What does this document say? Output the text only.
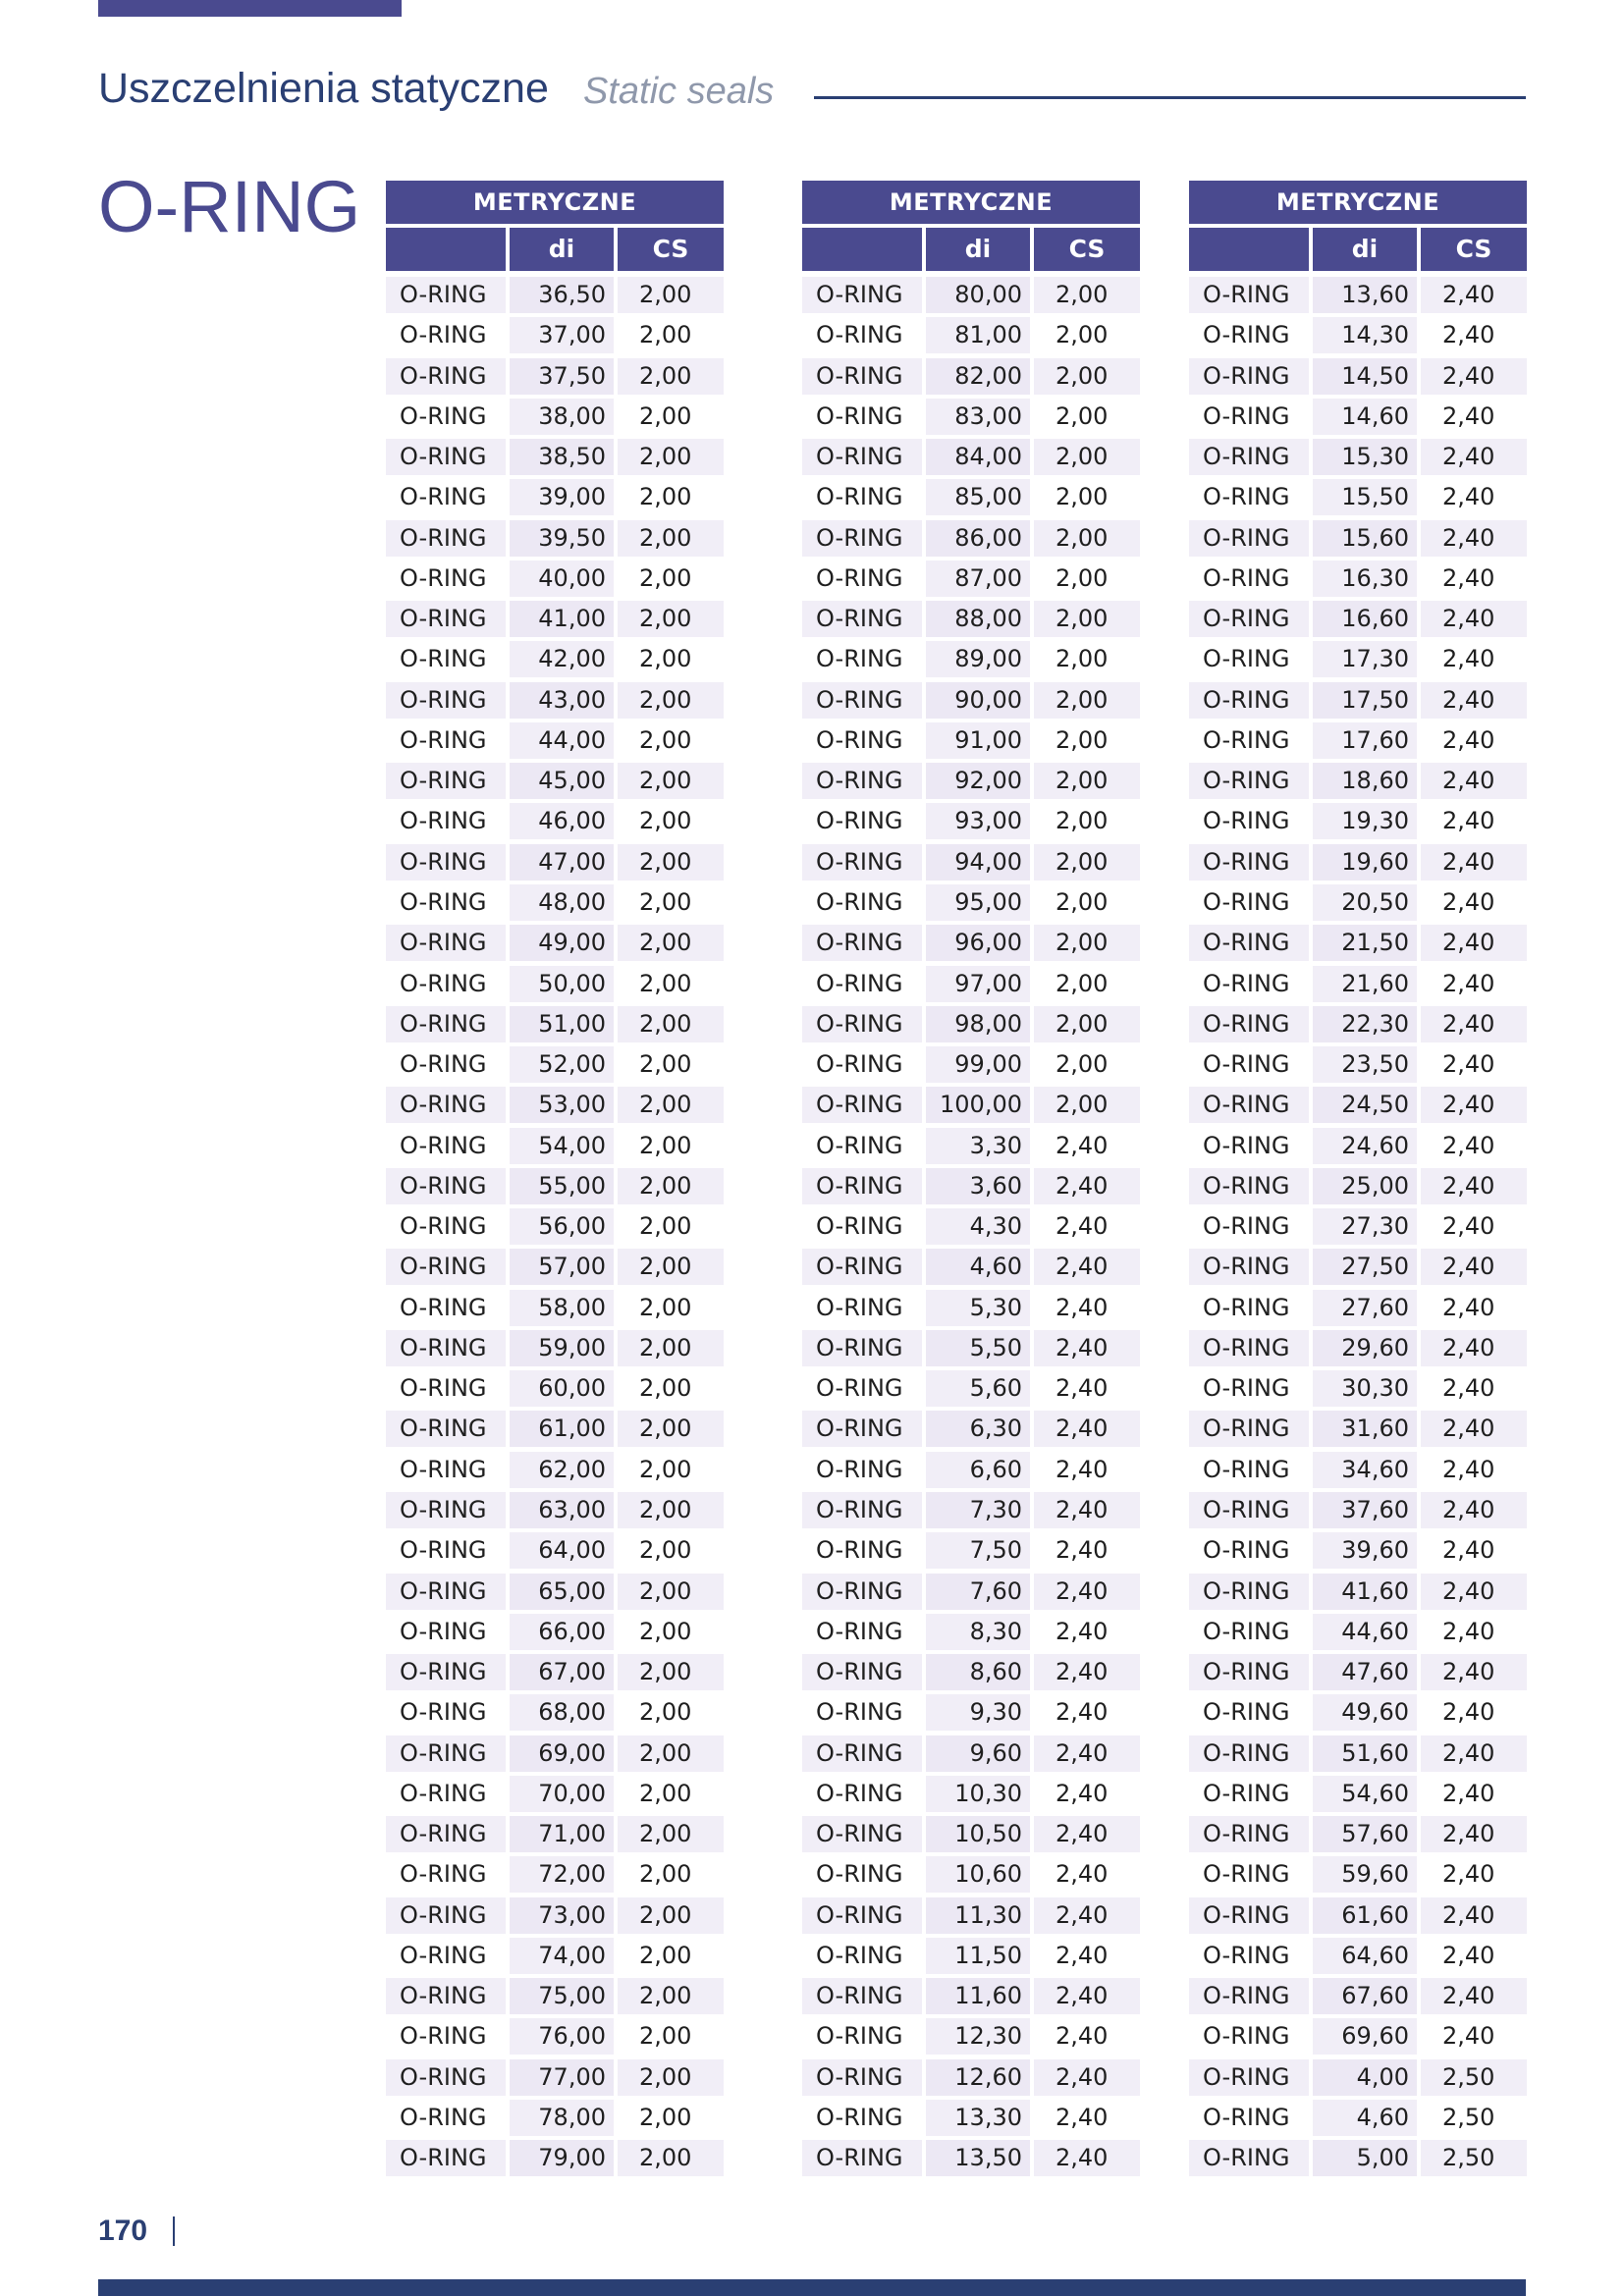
Uszczelnienia statyczne Static seals
O-RING	METRYCZNE
di	CS
O-RING	36,50	2,00
O-RING	37,00	2,00
O-RING	37,50	2,00
O-RING	38,00	2,00
O-RING	38,50	2,00
O-RING	39,00	2,00
O-RING	39,50	2,00
O-RING	40,00	2,00
O-RING	41,00	2,00
O-RING	42,00	2,00
O-RING	43,00	2,00
O-RING	44,00	2,00
O-RING	45,00	2,00
O-RING	46,00	2,00
O-RING	47,00	2,00
O-RING	48,00	2,00
O-RING	49,00	2,00
O-RING	50,00	2,00
O-RING	51,00	2,00
O-RING	52,00	2,00
O-RING	53,00	2,00
O-RING	54,00	2,00
O-RING	55,00	2,00
O-RING	56,00	2,00
O-RING	57,00	2,00
O-RING	58,00	2,00
O-RING	59,00	2,00
O-RING	60,00	2,00
O-RING	61,00	2,00
O-RING	62,00	2,00
O-RING	63,00	2,00
O-RING	64,00	2,00
O-RING	65,00	2,00
O-RING	66,00	2,00
O-RING	67,00	2,00
O-RING	68,00	2,00
O-RING	69,00	2,00
O-RING	70,00	2,00
O-RING	71,00	2,00
O-RING	72,00	2,00
O-RING	73,00	2,00
O-RING	74,00	2,00
O-RING	75,00	2,00
O-RING	76,00	2,00
O-RING	77,00	2,00
O-RING	78,00	2,00
O-RING	79,00	2,00
METRYCZNE
di	CS
O-RING	80,00	2,00
O-RING	81,00	2,00
O-RING	82,00	2,00
O-RING	83,00	2,00
O-RING	84,00	2,00
O-RING	85,00	2,00
O-RING	86,00	2,00
O-RING	87,00	2,00
O-RING	88,00	2,00
O-RING	89,00	2,00
O-RING	90,00	2,00
O-RING	91,00	2,00
O-RING	92,00	2,00
O-RING	93,00	2,00
O-RING	94,00	2,00
O-RING	95,00	2,00
O-RING	96,00	2,00
O-RING	97,00	2,00
O-RING	98,00	2,00
O-RING	99,00	2,00
O-RING	100,00	2,00
O-RING	3,30	2,40
O-RING	3,60	2,40
O-RING	4,30	2,40
O-RING	4,60	2,40
O-RING	5,30	2,40
O-RING	5,50	2,40
O-RING	5,60	2,40
O-RING	6,30	2,40
O-RING	6,60	2,40
O-RING	7,30	2,40
O-RING	7,50	2,40
O-RING	7,60	2,40
O-RING	8,30	2,40
O-RING	8,60	2,40
O-RING	9,30	2,40
O-RING	9,60	2,40
O-RING	10,30	2,40
O-RING	10,50	2,40
O-RING	10,60	2,40
O-RING	11,30	2,40
O-RING	11,50	2,40
O-RING	11,60	2,40
O-RING	12,30	2,40
O-RING	12,60	2,40
O-RING	13,30	2,40
O-RING	13,50	2,40
METRYCZNE
di	CS
O-RING	13,60	2,40
O-RING	14,30	2,40
O-RING	14,50	2,40
O-RING	14,60	2,40
O-RING	15,30	2,40
O-RING	15,50	2,40
O-RING	15,60	2,40
O-RING	16,30	2,40
O-RING	16,60	2,40
O-RING	17,30	2,40
O-RING	17,50	2,40
O-RING	17,60	2,40
O-RING	18,60	2,40
O-RING	19,30	2,40
O-RING	19,60	2,40
O-RING	20,50	2,40
O-RING	21,50	2,40
O-RING	21,60	2,40
O-RING	22,30	2,40
O-RING	23,50	2,40
O-RING	24,50	2,40
O-RING	24,60	2,40
O-RING	25,00	2,40
O-RING	27,30	2,40
O-RING	27,50	2,40
O-RING	27,60	2,40
O-RING	29,60	2,40
O-RING	30,30	2,40
O-RING	31,60	2,40
O-RING	34,60	2,40
O-RING	37,60	2,40
O-RING	39,60	2,40
O-RING	41,60	2,40
O-RING	44,60	2,40
O-RING	47,60	2,40
O-RING	49,60	2,40
O-RING	51,60	2,40
O-RING	54,60	2,40
O-RING	57,60	2,40
O-RING	59,60	2,40
O-RING	61,60	2,40
O-RING	64,60	2,40
O-RING	67,60	2,40
O-RING	69,60	2,40
O-RING	4,00	2,50
O-RING	4,60	2,50
O-RING	5,00	2,50
170
